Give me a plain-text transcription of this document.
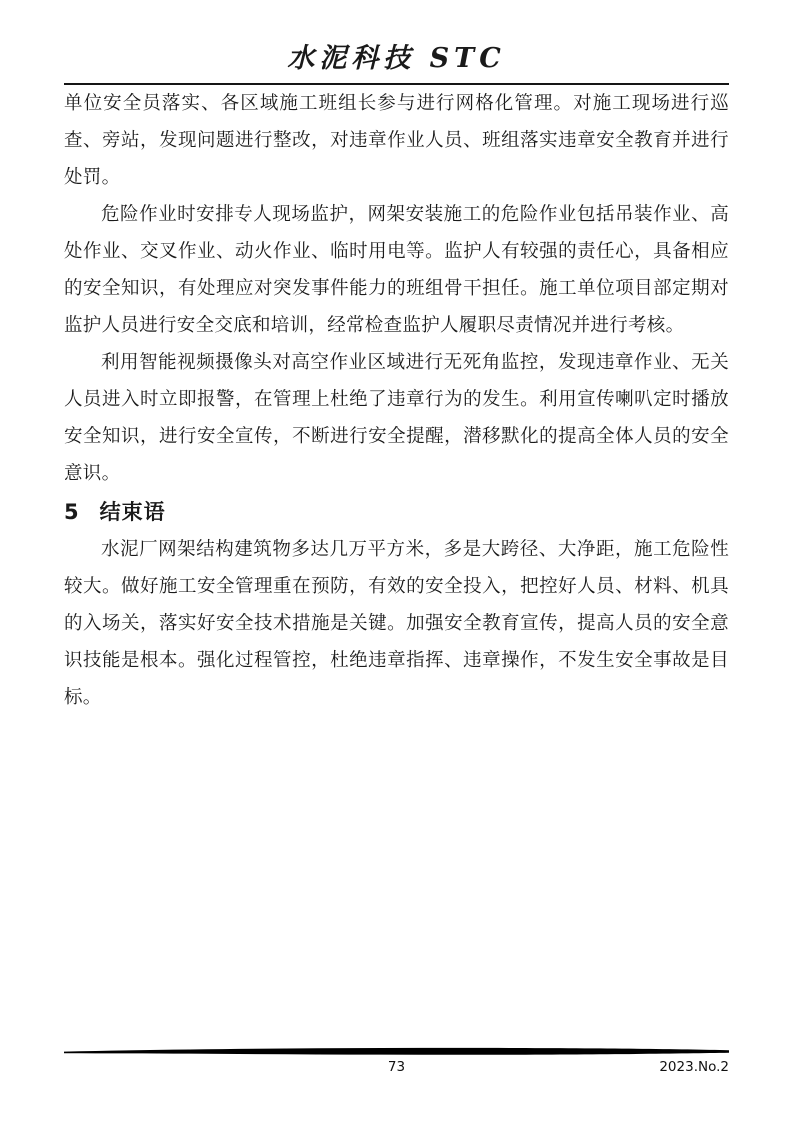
水泥科技 STC

单位安全员落实、各区域施工班组长参与进行网格化管理。对施工现场进行巡查、旁站，发现问题进行整改，对违章作业人员、班组落实违章安全教育并进行处罚。

危险作业时安排专人现场监护，网架安装施工的危险作业包括吊装作业、高处作业、交叉作业、动火作业、临时用电等。监护人有较强的责任心，具备相应的安全知识，有处理应对突发事件能力的班组骨干担任。施工单位项目部定期对监护人员进行安全交底和培训，经常检查监护人履职尽责情况并进行考核。

利用智能视频摄像头对高空作业区域进行无死角监控，发现违章作业、无关人员进入时立即报警，在管理上杜绝了违章行为的发生。利用宣传喇叭定时播放安全知识，进行安全宣传，不断进行安全提醒，潜移默化的提高全体人员的安全意识。

5 结束语

水泥厂网架结构建筑物多达几万平方米，多是大跨径、大净距，施工危险性较大。做好施工安全管理重在预防，有效的安全投入，把控好人员、材料、机具的入场关，落实好安全技术措施是关键。加强安全教育宣传，提高人员的安全意识技能是根本。强化过程管控，杜绝违章指挥、违章操作，不发生安全事故是目标。

73	2023.No.2
